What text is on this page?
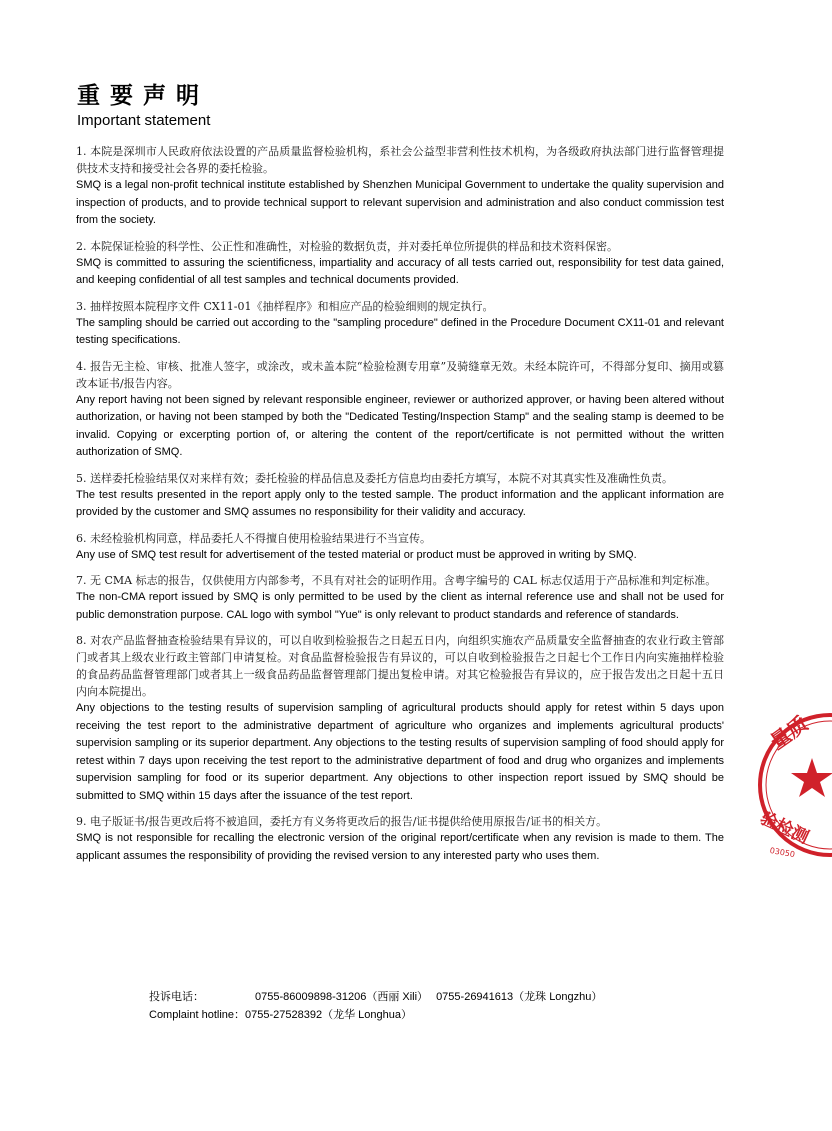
重要声明
Important statement

1. 本院是深圳市人民政府依法设置的产品质量监督检验机构，系社会公益型非营利性技术机构，为各级政府执法部门进行监督管理提供技术支持和接受社会各界的委托检验。

SMQ is a legal non-profit technical institute established by Shenzhen Municipal Government to undertake the quality supervision and inspection of products, and to provide technical support to relevant supervision and administration and also conduct commission test from the society.

2. 本院保证检验的科学性、公正性和准确性，对检验的数据负责，并对委托单位所提供的样品和技术资料保密。

SMQ is committed to assuring the scientificness, impartiality and accuracy of all tests carried out, responsibility for test data gained, and keeping confidential of all test samples and technical documents provided.

3. 抽样按照本院程序文件 CX11-01《抽样程序》和相应产品的检验细则的规定执行。

The sampling should be carried out according to the "sampling procedure" defined in the Procedure Document CX11-01 and relevant testing specifications.

4. 报告无主检、审核、批准人签字，或涂改，或未盖本院“检验检测专用章”及骑缝章无效。未经本院许可，不得部分复印、摘用或篡改本证书/报告内容。

Any report having not been signed by relevant responsible engineer, reviewer or authorized approver, or having been altered without authorization, or having not been stamped by both the "Dedicated Testing/Inspection Stamp" and the sealing stamp is deemed to be invalid. Copying or excerpting portion of, or altering the content of the report/certificate is not permitted without the written authorization of SMQ.

5. 送样委托检验结果仅对来样有效；委托检验的样品信息及委托方信息均由委托方填写，本院不对其真实性及准确性负责。

The test results presented in the report apply only to the tested sample. The product information and the applicant information are provided by the customer and SMQ assumes no responsibility for their validity and accuracy.

6. 未经检验机构同意，样品委托人不得擅自使用检验结果进行不当宣传。

Any use of SMQ test result for advertisement of the tested material or product must be approved in writing by SMQ.

7. 无 CMA 标志的报告，仅供使用方内部参考，不具有对社会的证明作用。含粤字编号的 CAL 标志仅适用于产品标准和判定标准。

The non-CMA report issued by SMQ is only permitted to be used by the client as internal reference use and shall not be used for public demonstration purpose. CAL logo with symbol "Yue" is only relevant to product standards and reference of standards.

8. 对农产品监督抽查检验结果有异议的，可以自收到检验报告之日起五日内，向组织实施农产品质量安全监督抽查的农业行政主管部门或者其上级农业行政主管部门申请复检。对食品监督检验报告有异议的，可以自收到检验报告之日起七个工作日内向实施抽样检验的食品药品监督管理部门或者其上一级食品药品监督管理部门提出复检申请。对其它检验报告有异议的，应于报告发出之日起十五日内向本院提出。

Any objections to the testing results of supervision sampling of agricultural products should apply for retest within 5 days upon receiving the test report to the administrative department of agriculture who organizes and implements agricultural products' supervision sampling or its superior department. Any objections to the testing results of supervision sampling of food should apply for retest within 7 days upon receiving the test report to the administrative department of food and drug who organizes and implements supervision sampling for food or its superior department. Any objections to other inspection report issued by SMQ should be submitted to SMQ within 15 days after the issuance of the test report.

9. 电子版证书/报告更改后将不被追回，委托方有义务将更改后的报告/证书提供给使用原报告/证书的相关方。

SMQ is not responsible for recalling the electronic version of the original report/certificate when any revision is made to them. The applicant assumes the responsibility of providing the revised version to any interested party who uses them.

投诉电话：	0755-86009898-31206（西丽 Xili） 0755-26941613（龙珠 Longzhu）
Complaint hotline：0755-27528392（龙华 Longhua）
量质
验检测
03050
